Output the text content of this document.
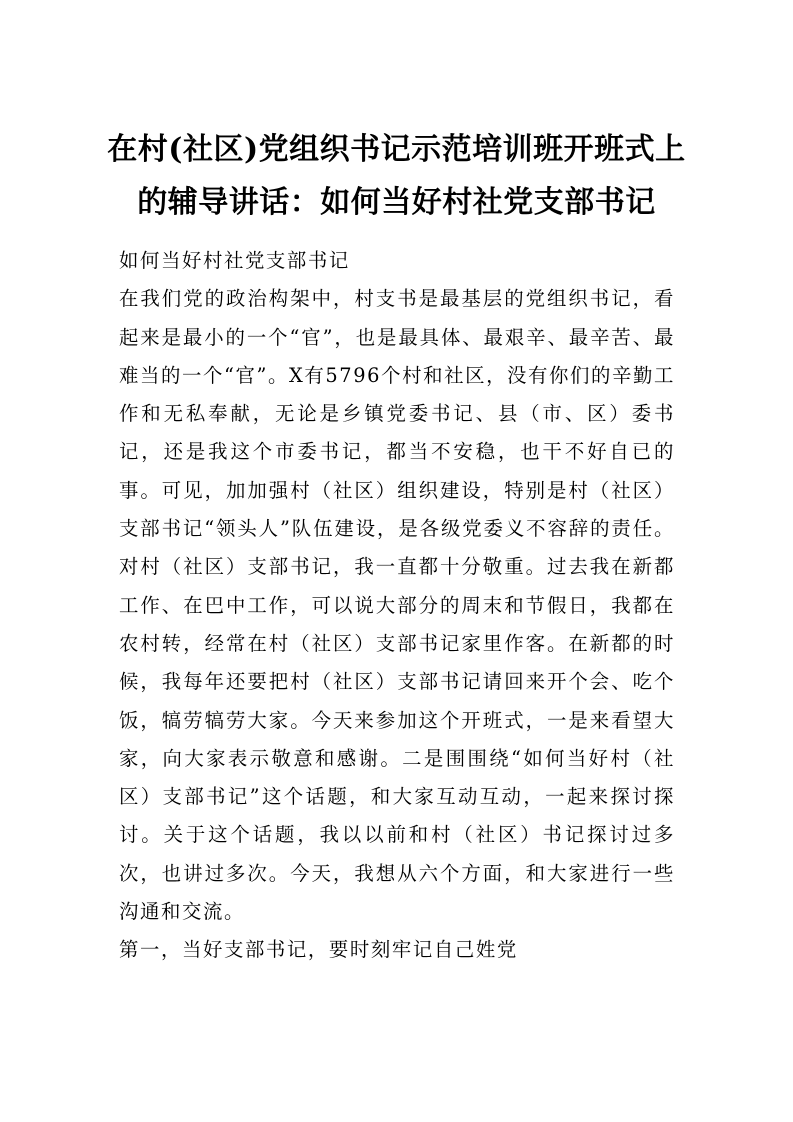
在村(社区)党组织书记示范培训班开班式上
的辅导讲话：如何当好村社党支部书记
如何当好村社党支部书记
在我们党的政治构架中，村支书是最基层的党组织书记，看起来是最小的一个“官”，也是最具体、最艰辛、最辛苦、最难当的一个“官”。X有5796个村和社区，没有你们的辛勤工作和无私奉献，无论是乡镇党委书记、县（市、区）委书记，还是我这个市委书记，都当不安稳，也干不好自已的事。可见，加加强村（社区）组织建设，特别是村（社区）支部书记“领头人”队伍建设，是各级党委义不容辞的责任。对村（社区）支部书记，我一直都十分敬重。过去我在新都工作、在巴中工作，可以说大部分的周末和节假日，我都在农村转，经常在村（社区）支部书记家里作客。在新都的时候，我每年还要把村（社区）支部书记请回来开个会、吃个饭，犒劳犒劳大家。今天来参加这个开班式，一是来看望大家，向大家表示敬意和感谢。二是围围绕“如何当好村（社区）支部书记”这个话题，和大家互动互动，一起来探讨探讨。关于这个话题，我以以前和村（社区）书记探讨过多次，也讲过多次。今天，我想从六个方面，和大家进行一些沟通和交流。
第一，当好支部书记，要时刻牢记自己姓党
